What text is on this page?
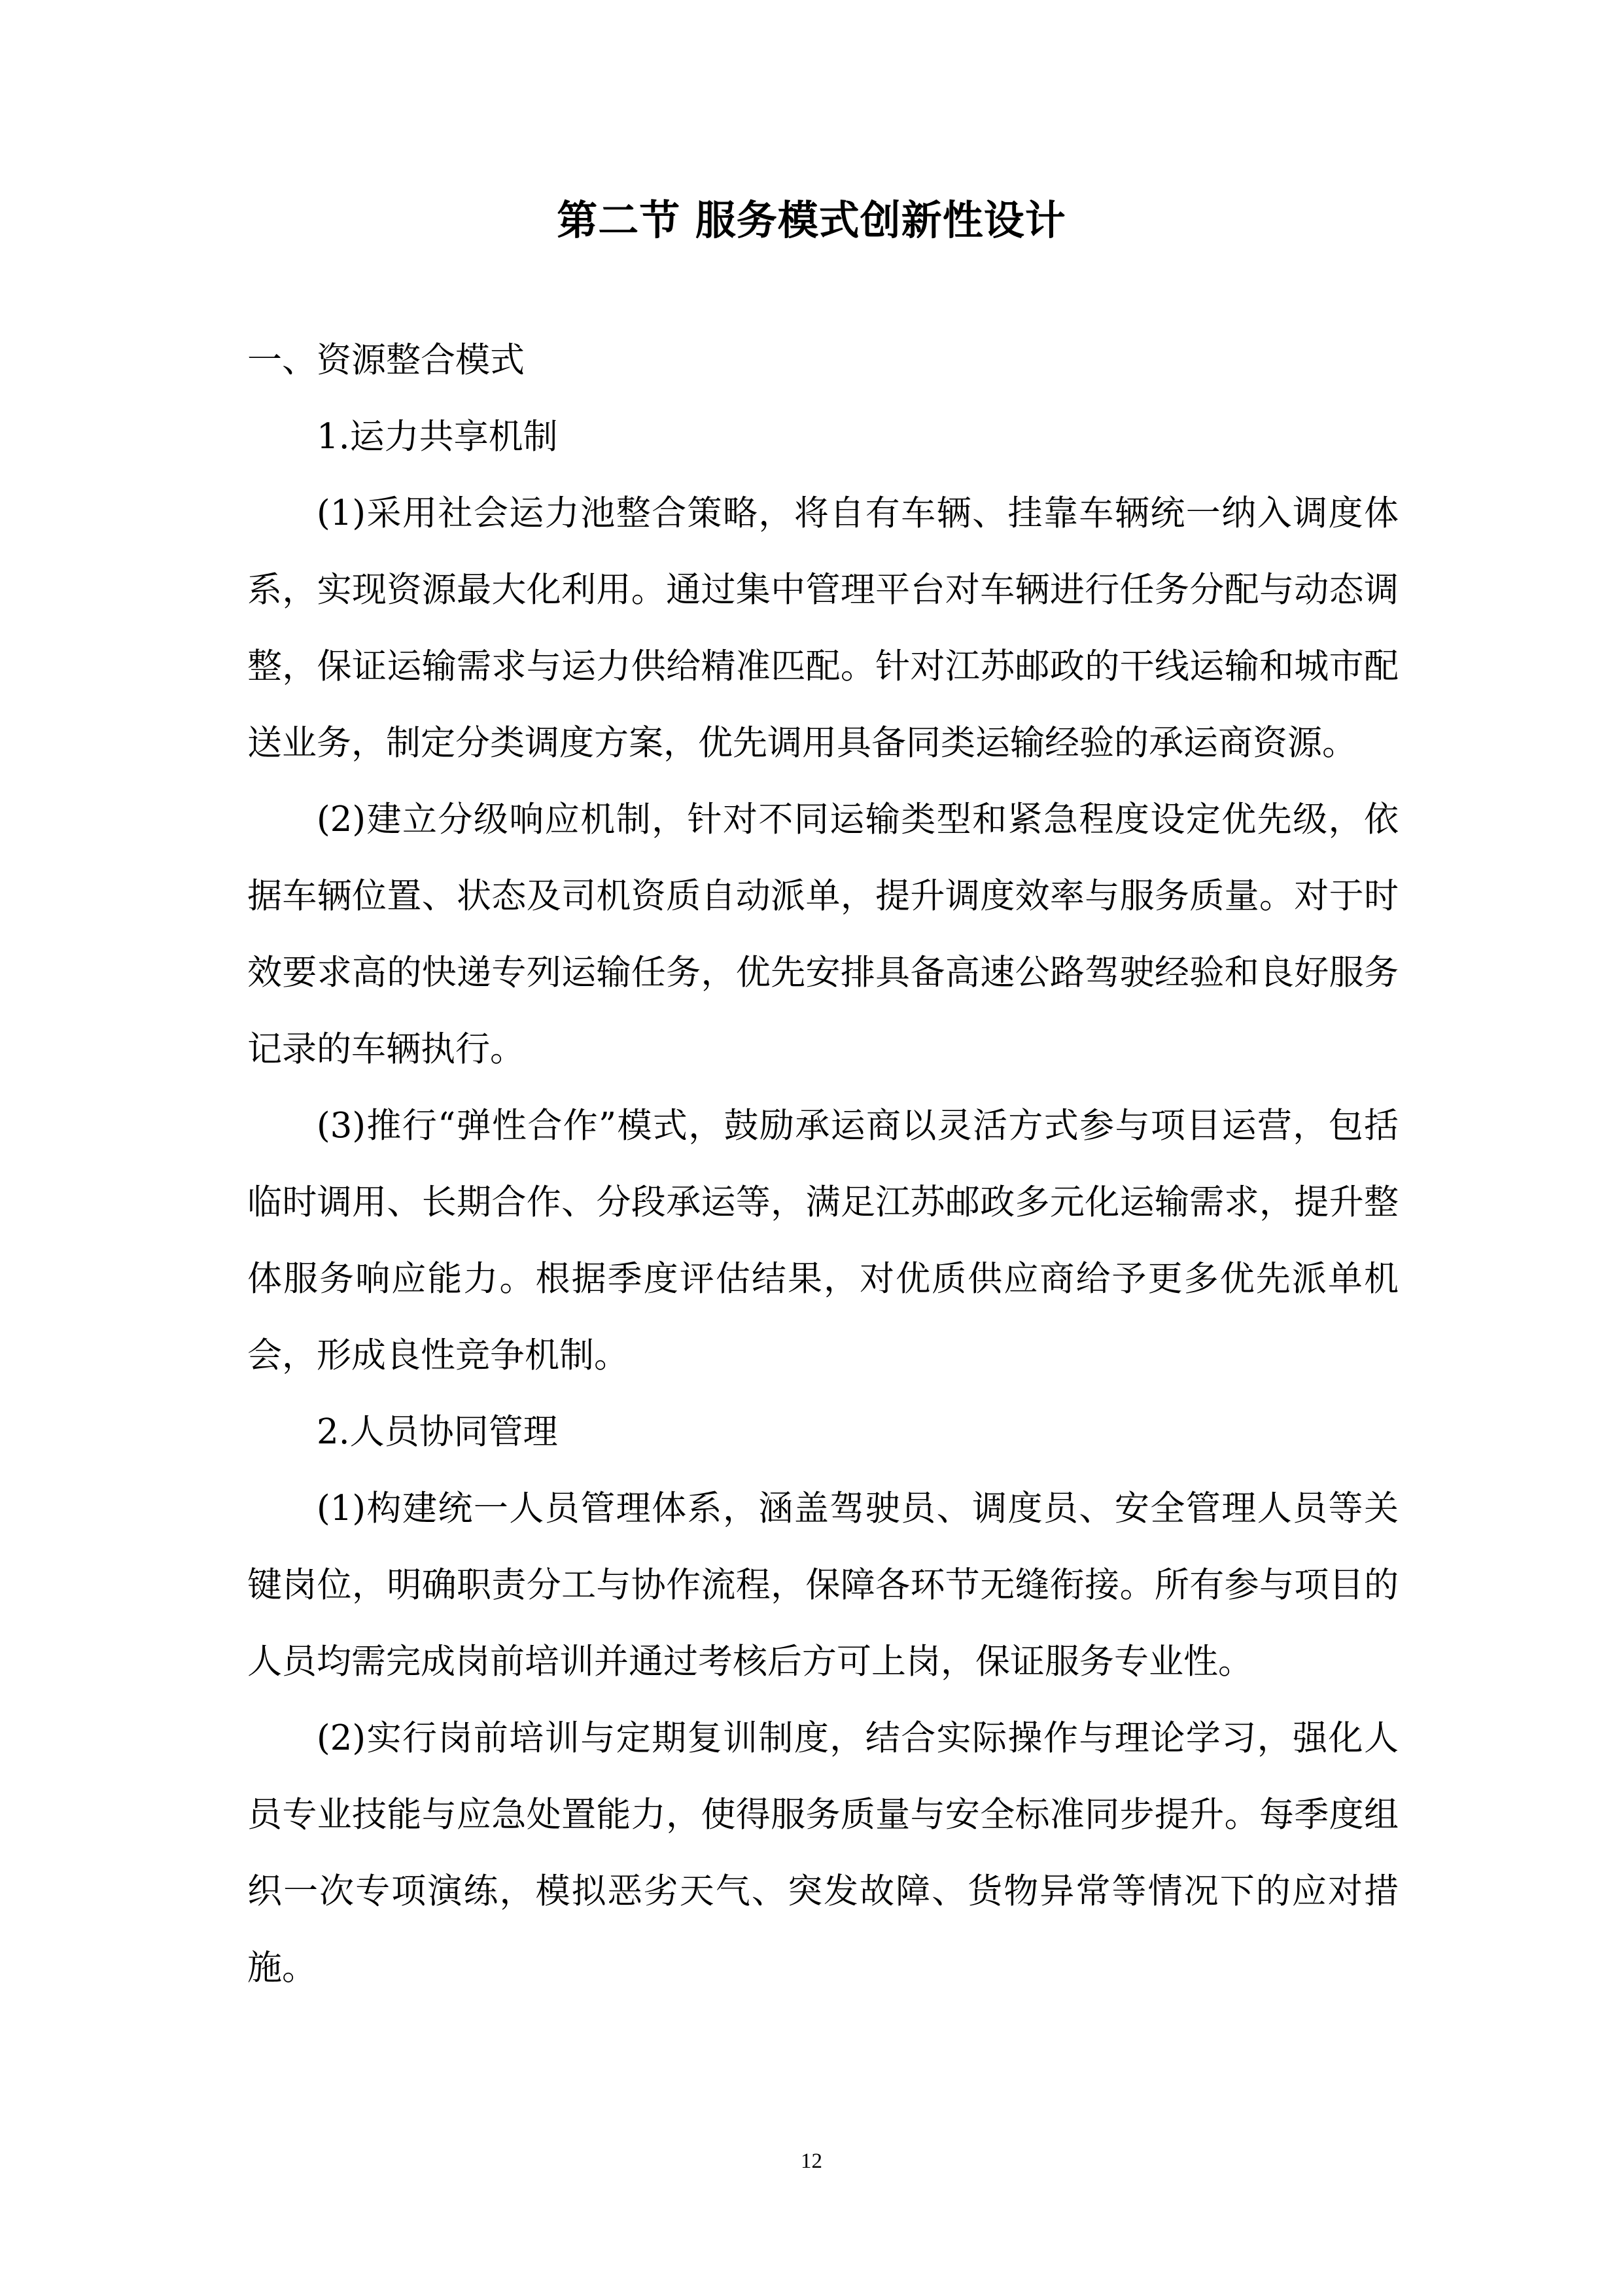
第二节 服务模式创新性设计

一、资源整合模式

1.运力共享机制

(1)采用社会运力池整合策略，将自有车辆、挂靠车辆统一纳入调度体系，实现资源最大化利用。通过集中管理平台对车辆进行任务分配与动态调整，保证运输需求与运力供给精准匹配。针对江苏邮政的干线运输和城市配送业务，制定分类调度方案，优先调用具备同类运输经验的承运商资源。

(2)建立分级响应机制，针对不同运输类型和紧急程度设定优先级，依据车辆位置、状态及司机资质自动派单，提升调度效率与服务质量。对于时效要求高的快递专列运输任务，优先安排具备高速公路驾驶经验和良好服务记录的车辆执行。

(3)推行“弹性合作”模式，鼓励承运商以灵活方式参与项目运营，包括临时调用、长期合作、分段承运等，满足江苏邮政多元化运输需求，提升整体服务响应能力。根据季度评估结果，对优质供应商给予更多优先派单机会，形成良性竞争机制。

2.人员协同管理

(1)构建统一人员管理体系，涵盖驾驶员、调度员、安全管理人员等关键岗位，明确职责分工与协作流程，保障各环节无缝衔接。所有参与项目的人员均需完成岗前培训并通过考核后方可上岗，保证服务专业性。

(2)实行岗前培训与定期复训制度，结合实际操作与理论学习，强化人员专业技能与应急处置能力，使得服务质量与安全标准同步提升。每季度组织一次专项演练，模拟恶劣天气、突发故障、货物异常等情况下的应对措施。

12
